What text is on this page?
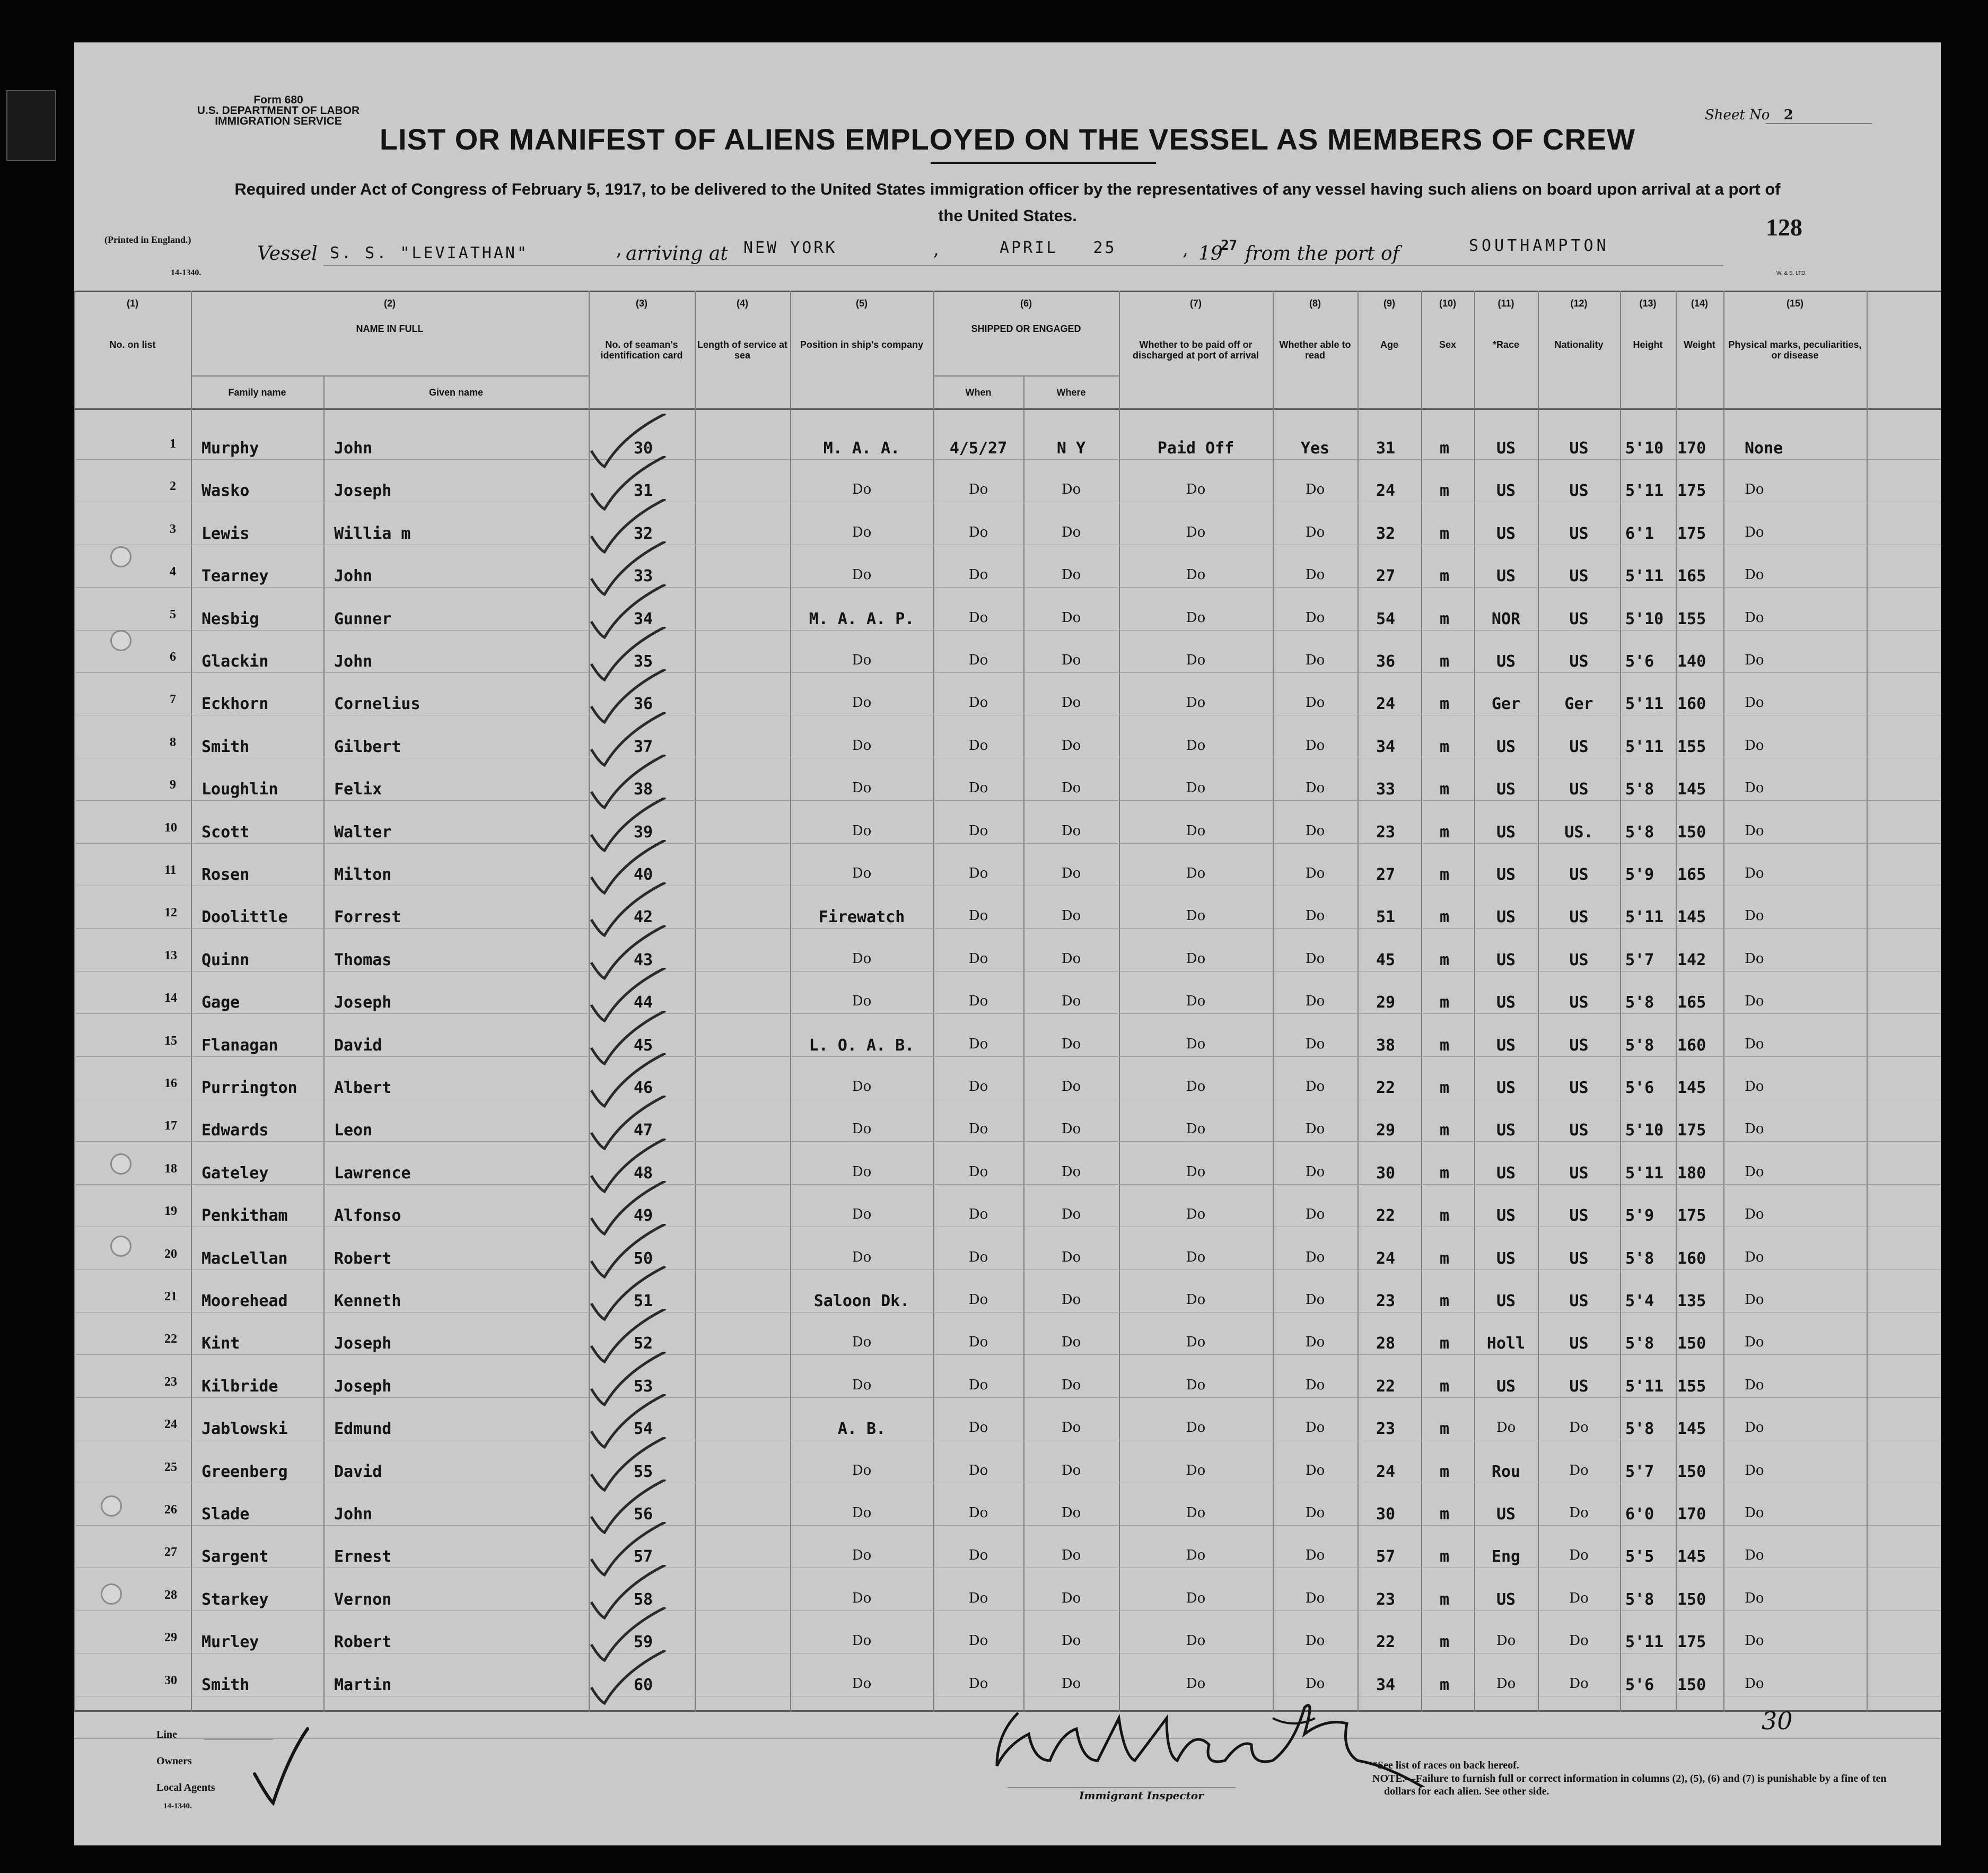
Form 680
U.S. DEPARTMENT OF LABOR
IMMIGRATION SERVICE	Sheet No 2
LIST OR MANIFEST OF ALIENS EMPLOYED ON THE VESSEL AS MEMBERS OF CREW
Required under Act of Congress of February 5, 1917, to be delivered to the United States immigration officer by the representatives of any vessel having such aliens on board upon arrival at a port of the United States.
(Printed in England.)
14-1340.
128
W. & S. LTD.
Vessel S. S. "LEVIATHAN"	arriving at NEW YORK
,	,	APRIL   25	, 19
27 from the port of	SOUTHAMPTON
(1)
No. on list
(2)
NAME IN FULL
Family name	Given name
(3)
No. of seaman's identification card
(4)
Length of service at sea
(5)
Position in ship's company
(6)
SHIPPED OR ENGAGED
When	Where
(7)
Whether to be paid off or discharged at port of arrival
(8)
Whether able to read
(9)
Age
(10)
Sex
(11)
*Race
(12)
Nationality
(13)
Height
(14)
Weight
(15)
Physical marks, peculiarities, or disease
1 Murphy	John	30	M. A. A.	4/5/27	N Y	Paid Off	Yes	31	m	US	US	5'10 170 None
2 Wasko	Joseph	31	Do	Do	Do	Do	Do	24	m	US	US	5'11 175	Do
3 Lewis	Willia m	32	Do	Do	Do	Do	Do	32	m	US	US	6'1 175	Do
4 Tearney	John	33	Do	Do	Do	Do	Do	27	m	US	US	5'11 165	Do
5 Nesbig	Gunner	34	M. A. A. P.	Do	Do	Do	Do	54	m	NOR	US	5'10 155	Do
6 Glackin	John	35	Do	Do	Do	Do	Do	36	m	US	US	5'6 140	Do
7 Eckhorn	Cornelius	36	Do	Do	Do	Do	Do	24	m	Ger	Ger	5'11 160	Do
8 Smith	Gilbert	37	Do	Do	Do	Do	Do	34	m	US	US	5'11 155	Do
9 Loughlin	Felix	38	Do	Do	Do	Do	Do	33	m	US	US	5'8 145	Do
10 Scott	Walter	39	Do	Do	Do	Do	Do	23	m	US	US.	5'8 150	Do
11 Rosen	Milton	40	Do	Do	Do	Do	Do	27	m	US	US	5'9 165	Do
12 Doolittle	Forrest	42	Firewatch	Do	Do	Do	Do	51	m	US	US	5'11 145	Do
13 Quinn	Thomas	43	Do	Do	Do	Do	Do	45	m	US	US	5'7 142	Do
14 Gage	Joseph	44	Do	Do	Do	Do	Do	29	m	US	US	5'8 165	Do
15 Flanagan	David	45	L. O. A. B.	Do	Do	Do	Do	38	m	US	US	5'8 160	Do
16 Purrington Albert	46	Do	Do	Do	Do	Do	22	m	US	US	5'6 145	Do
17 Edwards	Leon	47	Do	Do	Do	Do	Do	29	m	US	US	5'10 175	Do
18 Gateley	Lawrence	48	Do	Do	Do	Do	Do	30	m	US	US	5'11 180	Do
19 Penkitham	Alfonso	49	Do	Do	Do	Do	Do	22	m	US	US	5'9 175	Do
20 MacLellan	Robert	50	Do	Do	Do	Do	Do	24	m	US	US	5'8 160	Do
21 Moorehead	Kenneth	51	Saloon Dk.	Do	Do	Do	Do	23	m	US	US	5'4 135	Do
22 Kint	Joseph	52	Do	Do	Do	Do	Do	28	m	Holl	US	5'8 150	Do
23 Kilbride	Joseph	53	Do	Do	Do	Do	Do	22	m	US	US	5'11 155	Do
24 Jablowski	Edmund	54	A. B.	Do	Do	Do	Do	23	m	Do	Do	5'8 145	Do
25 Greenberg	David	55	Do	Do	Do	Do	Do	24	m	Rou	Do	5'7 150	Do
26 Slade	John	56	Do	Do	Do	Do	Do	30	m	US	Do	6'0 170	Do
27 Sargent	Ernest	57	Do	Do	Do	Do	Do	57	m	Eng	Do	5'5 145	Do
28 Starkey	Vernon	58	Do	Do	Do	Do	Do	23	m	US	Do	5'8 150	Do
29 Murley	Robert	59	Do	Do	Do	Do	Do	22	m	Do	Do	5'11 175	Do
30 Smith	Martin	60	Do	Do	Do	Do	Do	34	m	Do	Do	5'6 150	Do
Line
Owners
Local Agents
14-1340.
Immigrant Inspector
*See list of races on back hereof.
NOTE.—Failure to furnish full or correct information in columns (2), (5), (6) and (7) is punishable by a fine of ten dollars for each alien. See other side.
30
